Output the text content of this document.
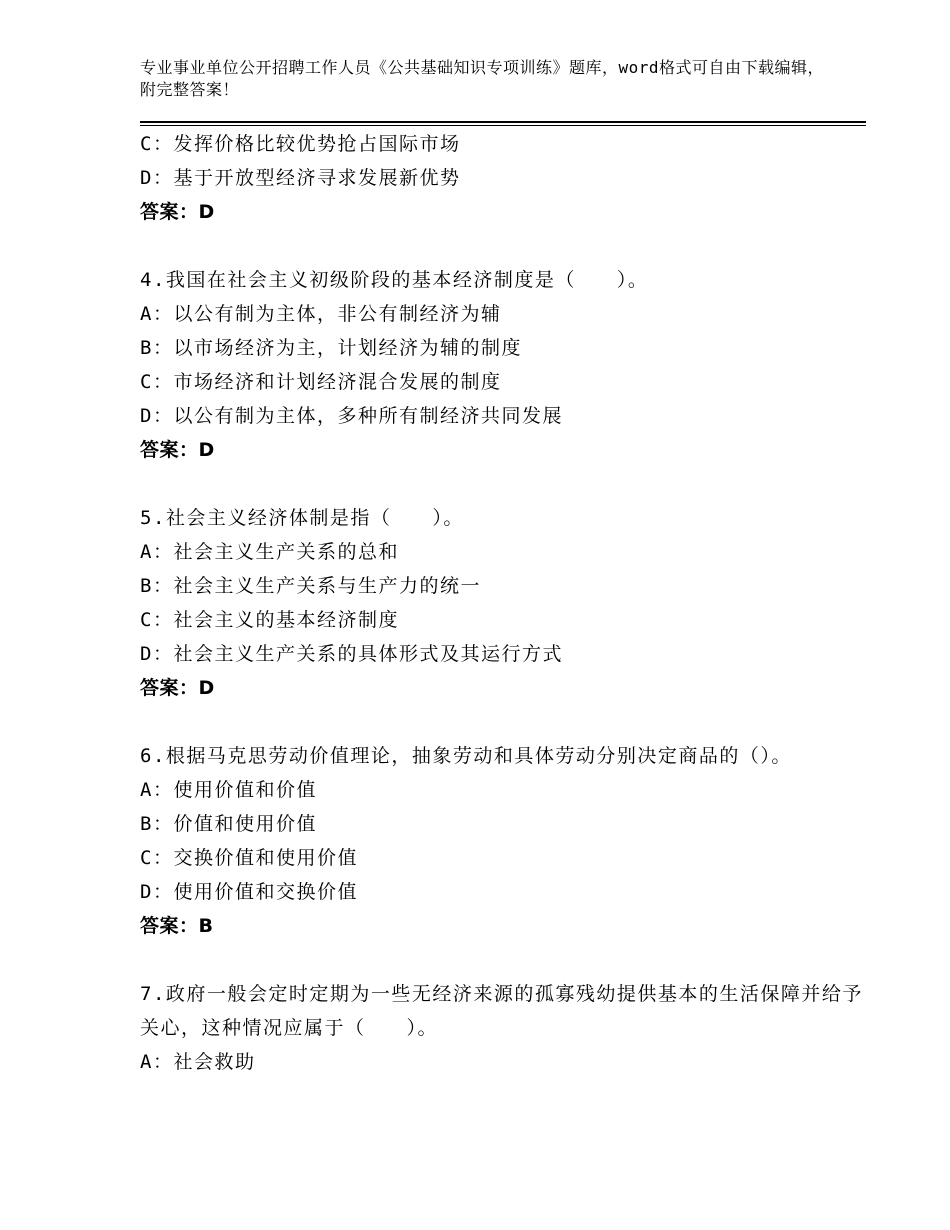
专业事业单位公开招聘工作人员《公共基础知识专项训练》题库，word格式可自由下载编辑，附完整答案！
C：发挥价格比较优势抢占国际市场
D：基于开放型经济寻求发展新优势
答案：D
4.我国在社会主义初级阶段的基本经济制度是（　　）。
A：以公有制为主体，非公有制经济为辅
B：以市场经济为主，计划经济为辅的制度
C：市场经济和计划经济混合发展的制度
D：以公有制为主体，多种所有制经济共同发展
答案：D
5.社会主义经济体制是指（　　）。
A：社会主义生产关系的总和
B：社会主义生产关系与生产力的统一
C：社会主义的基本经济制度
D：社会主义生产关系的具体形式及其运行方式
答案：D
6.根据马克思劳动价值理论，抽象劳动和具体劳动分别决定商品的（）。
A：使用价值和价值
B：价值和使用价值
C：交换价值和使用价值
D：使用价值和交换价值
答案：B
7.政府一般会定时定期为一些无经济来源的孤寡残幼提供基本的生活保障并给予关心，这种情况应属于（　　）。
A：社会救助
